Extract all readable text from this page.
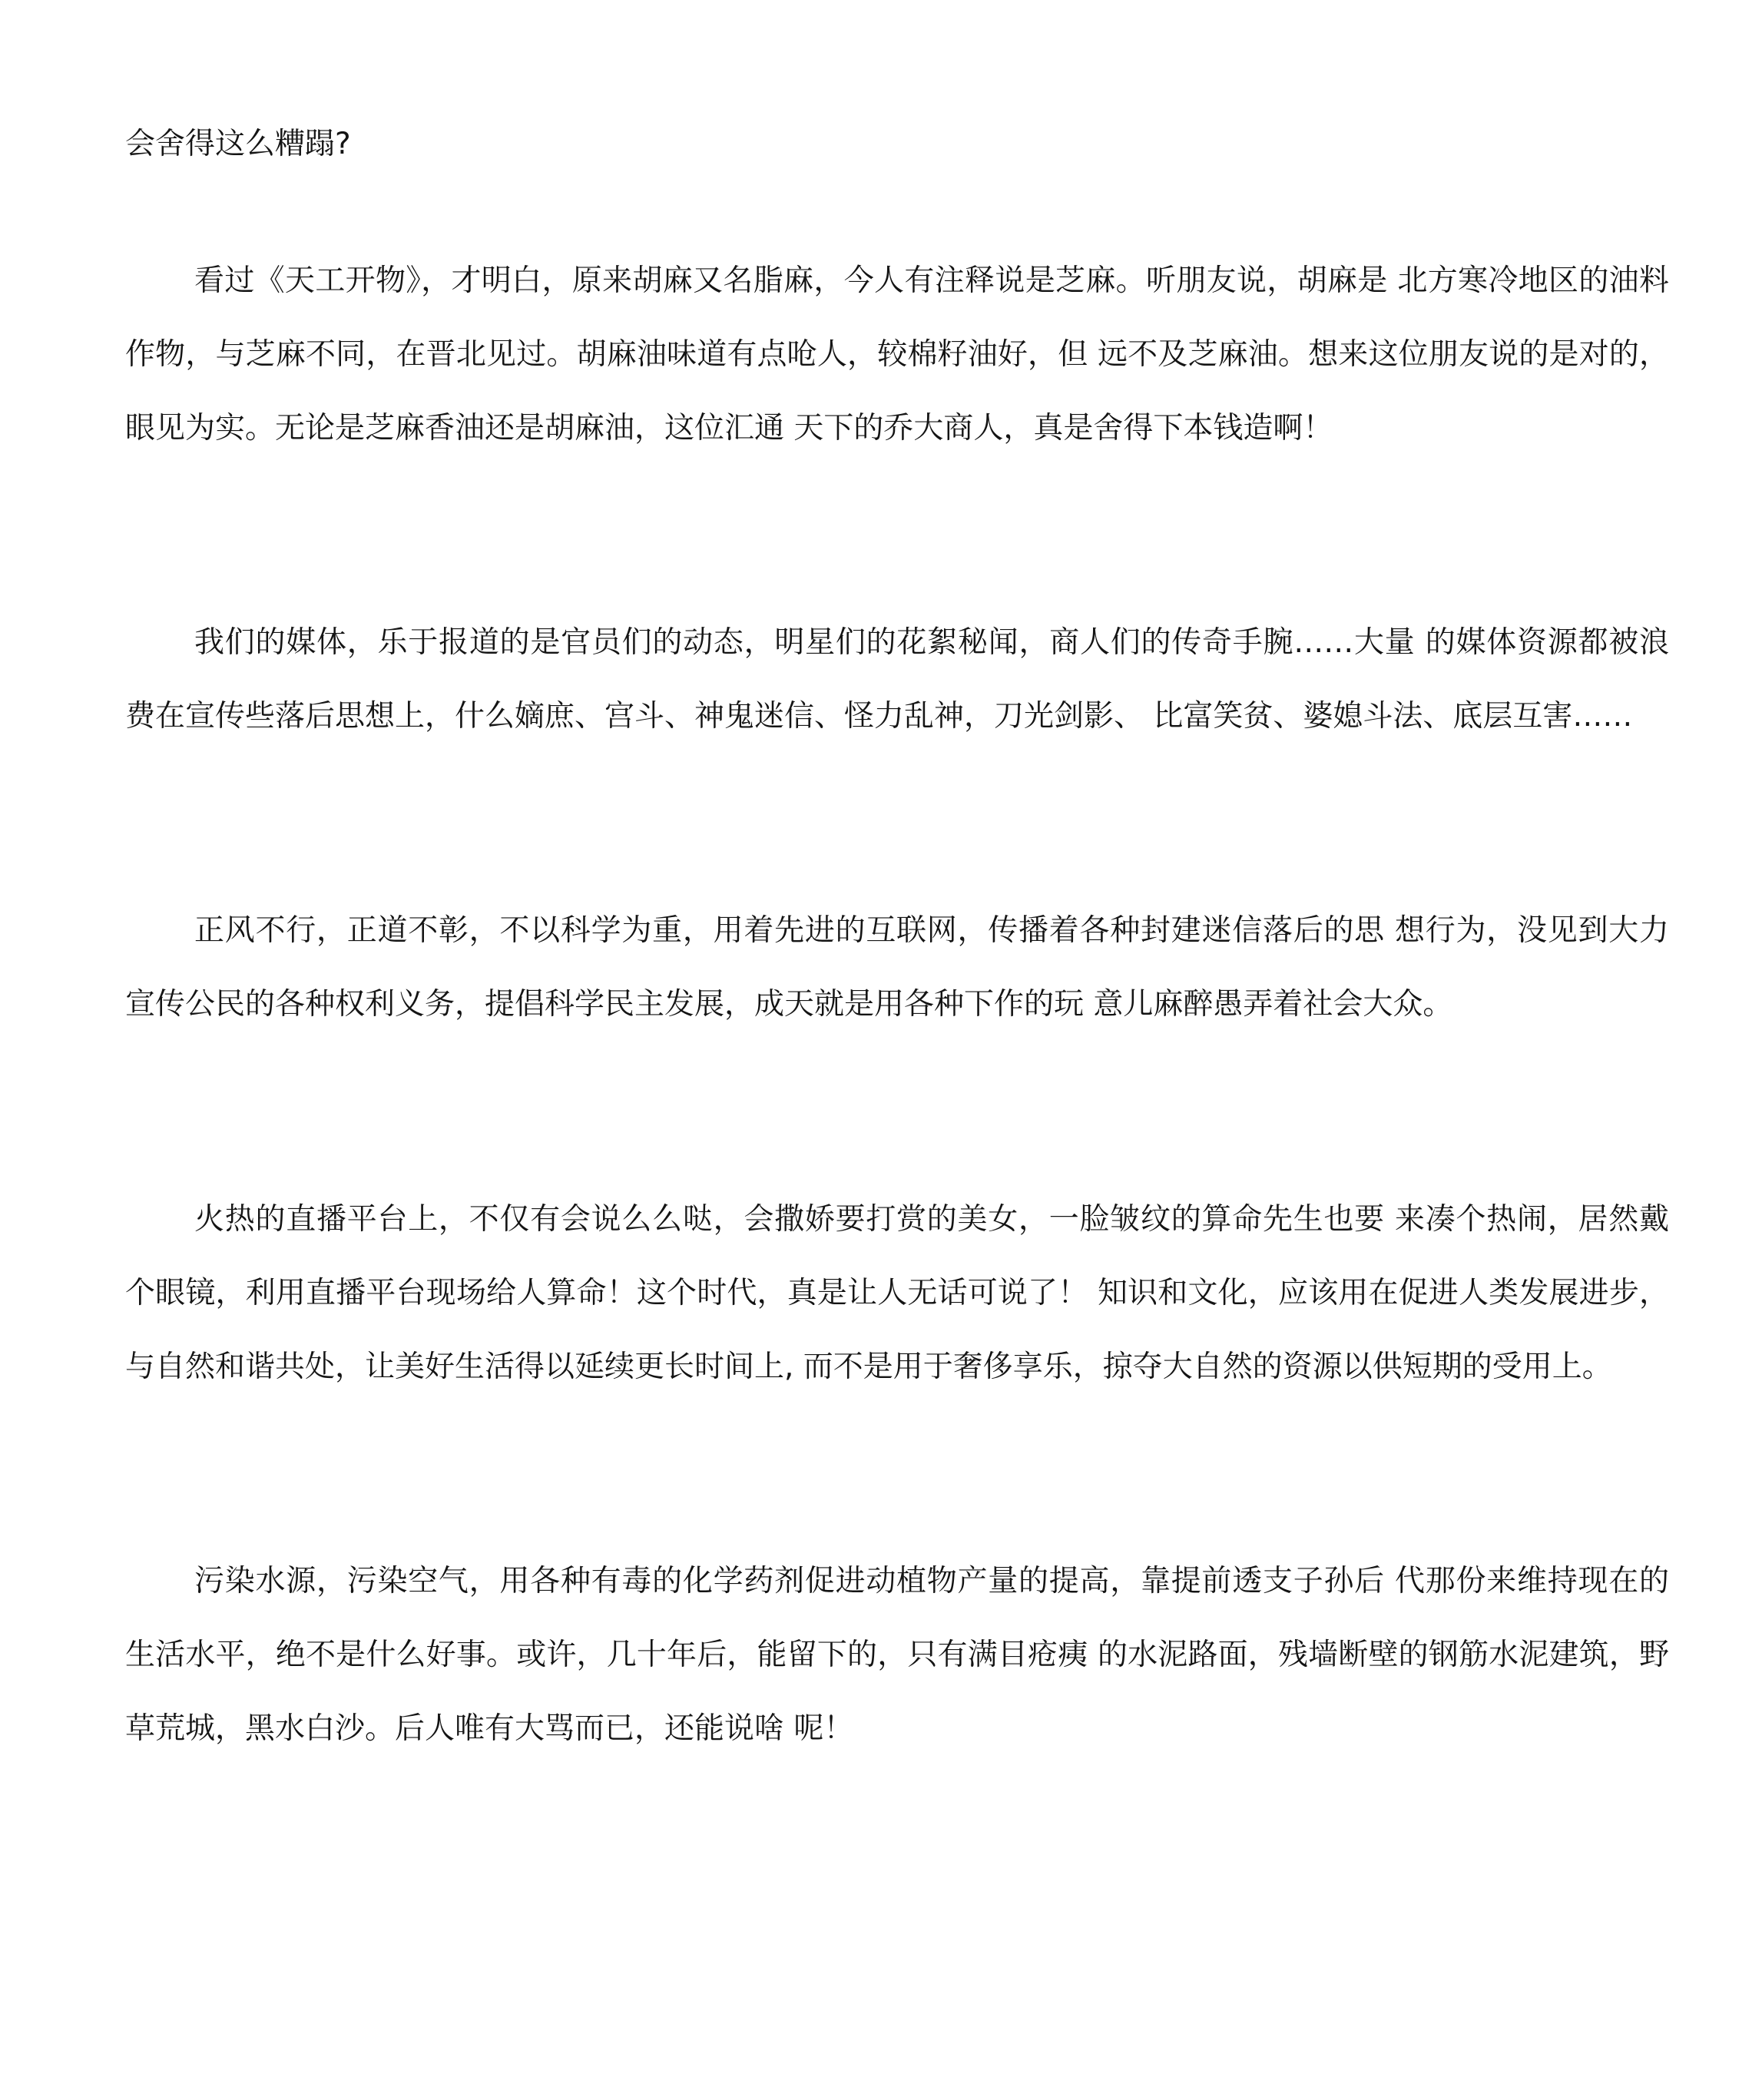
会舍得这么糟蹋?

看过《天工开物》，才明白，原来胡麻又名脂麻，今人有注释说是芝麻。听朋友说，胡麻是 北方寒冷地区的油料作物，与芝麻不同，在晋北见过。胡麻油味道有点呛人，较棉籽油好，但 远不及芝麻油。想来这位朋友说的是对的，眼见为实。无论是芝麻香油还是胡麻油，这位汇通 天下的乔大商人，真是舍得下本钱造啊！

我们的媒体，乐于报道的是官员们的动态，明星们的花絮秘闻，商人们的传奇手腕……大量 的媒体资源都被浪费在宣传些落后思想上，什么嫡庶、宫斗、神鬼迷信、怪力乱神，刀光剑影、 比富笑贫、婆媳斗法、底层互害……

正风不行，正道不彰，不以科学为重，用着先进的互联网，传播着各种封建迷信落后的思 想行为，没见到大力宣传公民的各种权利义务，提倡科学民主发展，成天就是用各种下作的玩 意儿麻醉愚弄着社会大众。

火热的直播平台上，不仅有会说么么哒，会撒娇要打赏的美女，一脸皱纹的算命先生也要 来凑个热闹，居然戴个眼镜，利用直播平台现场给人算命！这个时代，真是让人无话可说了！ 知识和文化，应该用在促进人类发展进步，与自然和谐共处，让美好生活得以延续更长时间上, 而不是用于奢侈享乐，掠夺大自然的资源以供短期的受用上。

污染水源，污染空气，用各种有毒的化学药剂促进动植物产量的提高，靠提前透支子孙后 代那份来维持现在的生活水平，绝不是什么好事。或许，几十年后，能留下的，只有满目疮痍 的水泥路面，残墙断壁的钢筋水泥建筑，野草荒城，黑水白沙。后人唯有大骂而已，还能说啥 呢！
